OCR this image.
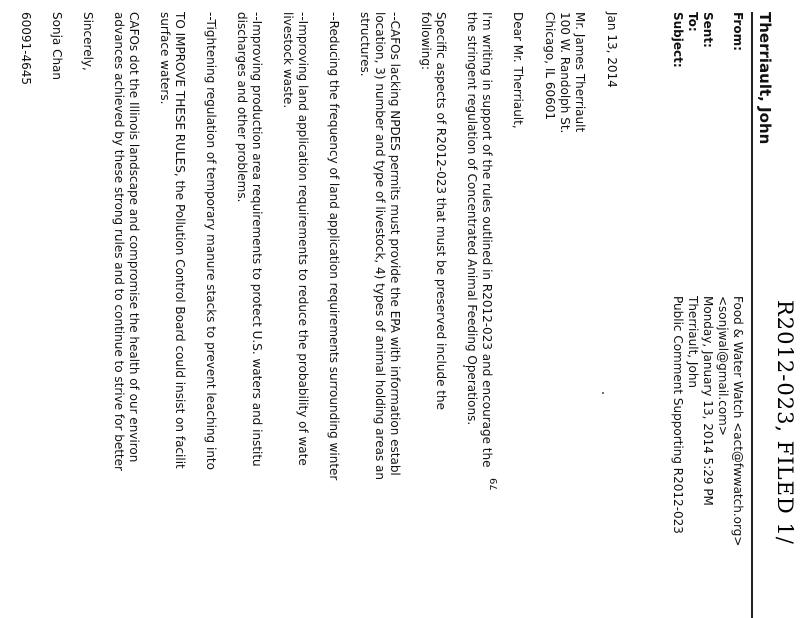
R2012-023, FILED 1/
Therriault, John
From:
Food & Water Watch <act@fwwatch.org>
<sonjwal@gmail.com>
Sent:
Monday, January 13, 2014 5:29 PM
To:
Therriault, John
Subject:
Public Comment Supporting R2012-023
Jan 13, 2014
Mr. James Therriault
100 W. Randolph St.
Chicago, IL 60601
Dear Mr. Therriault,
I'm writing in support of the rules outlined in R2012-023 and encourage the
the stringent regulation of Concentrated Animal Feeding Operations.
Specific aspects of R2012-023 that must be preserved include the
following:
--CAFOs lacking NPDES permits must provide the EPA with information establ
location, 3) number and type of livestock, 4) types of animal holding areas an
structures.
--Reducing the frequency of land application requirements surrounding winter
--Improving land application requirements to reduce the probability of wate
livestock waste.
--Improving production area requirements to protect U.S. waters and institu
discharges and other problems.
--Tightening regulation of temporary manure stacks to prevent leaching into
TO IMPROVE THESE RULES, the Pollution Control Board could insist on facilit
surface waters.
CAFOs dot the Illinois landscape and compromise the health of our environ
advances achieved by these strong rules and to continue to strive for better
Sincerely,
Sonja Chan
60091-4645
79
